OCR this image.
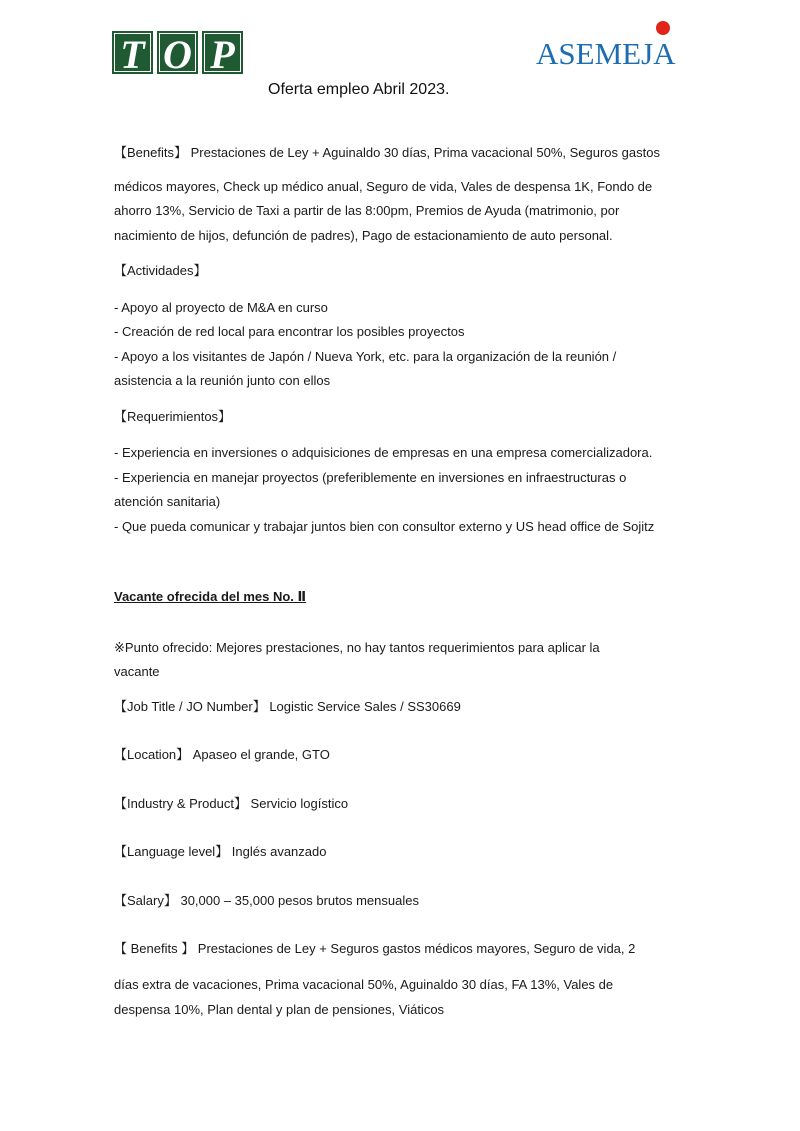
T O P	ASEMEJA
Oferta empleo Abril 2023.
【Benefits】 Prestaciones de Ley + Aguinaldo 30 días, Prima vacacional 50%, Seguros gastos
médicos mayores, Check up médico anual, Seguro de vida, Vales de despensa 1K, Fondo de
ahorro 13%, Servicio de Taxi a partir de las 8:00pm, Premios de Ayuda (matrimonio, por
nacimiento de hijos, defunción de padres), Pago de estacionamiento de auto personal.
【Actividades】
- Apoyo al proyecto de M&A en curso
- Creación de red local para encontrar los posibles proyectos
- Apoyo a los visitantes de Japón / Nueva York, etc. para la organización de la reunión /
asistencia a la reunión junto con ellos
【Requerimientos】
- Experiencia en inversiones o adquisiciones de empresas en una empresa comercializadora.
- Experiencia en manejar proyectos (preferiblemente en inversiones en infraestructuras o
atención sanitaria)
- Que pueda comunicar y trabajar juntos bien con consultor externo y US head office de Sojitz
Vacante ofrecida del mes No. Ⅱ
※Punto ofrecido: Mejores prestaciones, no hay tantos requerimientos para aplicar la
vacante
【Job Title / JO Number】 Logistic Service Sales / SS30669
【Location】 Apaseo el grande, GTO
【Industry & Product】 Servicio logístico
【Language level】 Inglés avanzado
【Salary】 30,000 – 35,000 pesos brutos mensuales
【 Benefits 】 Prestaciones de Ley + Seguros gastos médicos mayores, Seguro de vida, 2
días extra de vacaciones, Prima vacacional 50%, Aguinaldo 30 días, FA 13%, Vales de
despensa 10%, Plan dental y plan de pensiones, Viáticos
